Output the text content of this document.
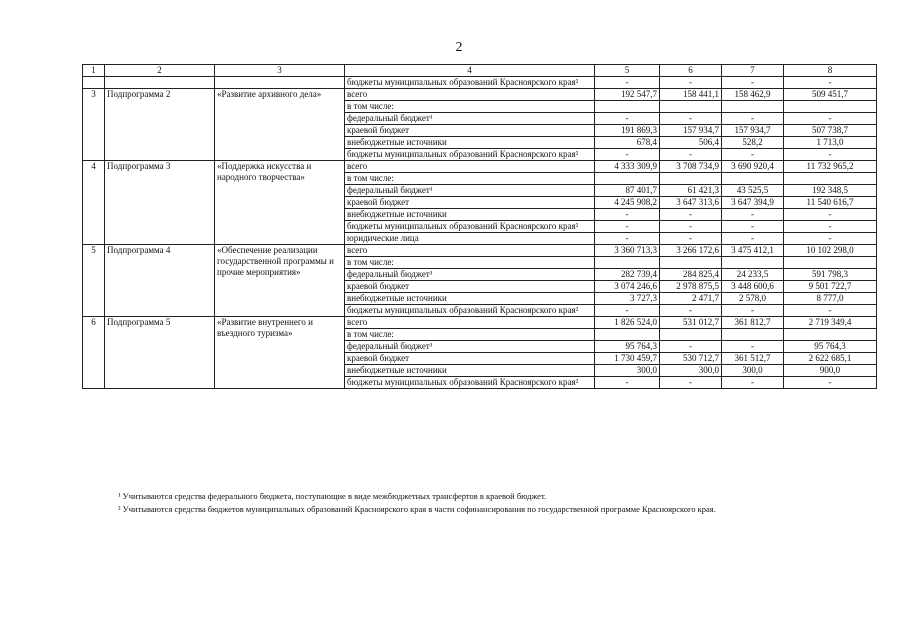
2
1	2	3	4	5	6	7	8
			бюджеты муниципальных образований Красноярского края²	-	-	-	-
3	Подпрограмма 2	«Развитие архивного дела»	всего	192 547,7	158 441,1	158 462,9	509 451,7
			в том числе:				
			федеральный бюджет¹	-	-	-	-
			краевой бюджет	191 869,3	157 934,7	157 934,7	507 738,7
			внебюджетные источники	678,4	506,4	528,2	1 713,0
			бюджеты муниципальных образований Красноярского края²	-	-	-	-
4	Подпрограмма 3	«Поддержка искусства и народного творчества»	всего	4 333 309,9	3 708 734,9	3 690 920,4	11 732 965,2
			в том числе:				
			федеральный бюджет¹	87 401,7	61 421,3	43 525,5	192 348,5
			краевой бюджет	4 245 908,2	3 647 313,6	3 647 394,9	11 540 616,7
			внебюджетные источники	-	-	-	-
			бюджеты муниципальных образований Красноярского края²	-	-	-	-
			юридические лица	-	-	-	-
5	Подпрограмма 4	«Обеспечение реализации государственной программы и прочие мероприятия»	всего	3 360 713,3	3 266 172,6	3 475 412,1	10 102 298,0
			в том числе:				
			федеральный бюджет¹	282 739,4	284 825,4	24 233,5	591 798,3
			краевой бюджет	3 074 246,6	2 978 875,5	3 448 600,6	9 501 722,7
			внебюджетные источники	3 727,3	2 471,7	2 578,0	8 777,0
			бюджеты муниципальных образований Красноярского края²	-	-	-	-
6	Подпрограмма 5	«Развитие внутреннего и въездного туризма»	всего	1 826 524,0	531 012,7	361 812,7	2 719 349,4
			в том числе:				
			федеральный бюджет¹	95 764,3	-	-	95 764,3
			краевой бюджет	1 730 459,7	530 712,7	361 512,7	2 622 685,1
			внебюджетные источники	300,0	300,0	300,0	900,0
			бюджеты муниципальных образований Красноярского края²	-	-	-	-

¹ Учитываются средства федерального бюджета, поступающие в виде межбюджетных трансфертов в краевой бюджет.

² Учитываются средства бюджетов муниципальных образований Красноярского края в части софинансирования по государственной программе Красноярского края.
